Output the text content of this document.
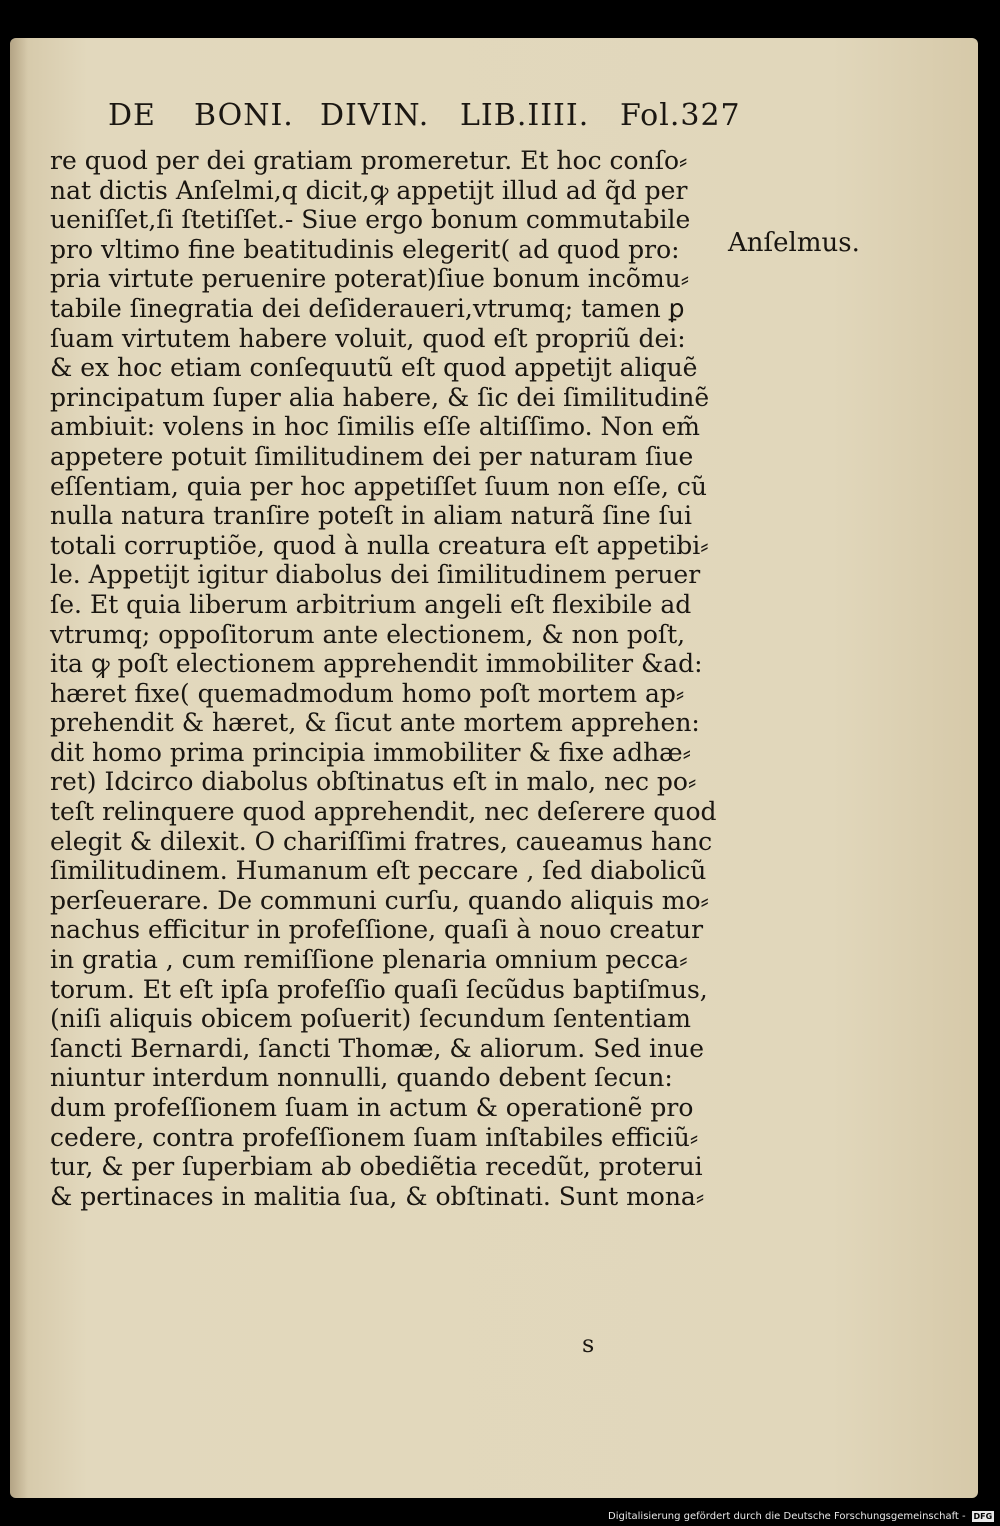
DE BONI. DIVIN. LIB.IIII. Fol.327
Anſelmus.
re quod per dei gratiam promeretur. Et hoc conſo⸗
nat dictis Anſelmi,q dicit,ꝙ appetijt illud ad q̃d per
ueniſſet,ſi ſtetiſſet.- Siue ergo bonum commutabile
pro vltimo fine beatitudinis elegerit( ad quod pro:
pria virtute peruenire poterat)ſiue bonum incõmu⸗
tabile ſinegratia dei deſideraueri,vtrumq; tamen ꝑ
ſuam virtutem habere voluit, quod eſt propriũ dei:
& ex hoc etiam conſequutũ eſt quod appetijt aliquẽ
principatum ſuper alia habere, & ſic dei ſimilitudinẽ
ambiuit: volens in hoc ſimilis eſſe altiſſimo. Non em̃
appetere potuit ſimilitudinem dei per naturam ſiue
eſſentiam, quia per hoc appetiſſet ſuum non eſſe, cũ
nulla natura tranſire poteſt in aliam naturã ſine ſui
totali corruptiõe, quod à nulla creatura eſt appetibi⸗
le. Appetijt igitur diabolus dei ſimilitudinem peruer
ſe. Et quia liberum arbitrium angeli eſt flexibile ad
vtrumq; oppoſitorum ante electionem, & non poſt,
ita ꝙ poſt electionem apprehendit immobiliter &ad:
hæret fixe( quemadmodum homo poſt mortem ap⸗
prehendit & hæret, & ſicut ante mortem apprehen:
dit homo prima principia immobiliter & fixe adhæ⸗
ret) Idcirco diabolus obſtinatus eſt in malo, nec po⸗
teſt relinquere quod apprehendit, nec deſerere quod
elegit & dilexit. O chariſſimi fratres, caueamus hanc
ſimilitudinem. Humanum eſt peccare , ſed diabolicũ
perſeuerare. De communi curſu, quando aliquis mo⸗
nachus efficitur in profeſſione, quaſi à nouo creatur
in gratia , cum remiſſione plenaria omnium pecca⸗
torum. Et eſt ipſa profeſſio quaſi ſecũdus baptiſmus,
(niſi aliquis obicem poſuerit) ſecundum ſententiam
ſancti Bernardi, ſancti Thomæ, & aliorum. Sed inue
niuntur interdum nonnulli, quando debent ſecun:
dum profeſſionem ſuam in actum & operationẽ pro
cedere, contra profeſſionem ſuam inſtabiles efficiũ⸗
tur, & per ſuperbiam ab obediẽtia recedũt, proterui
& pertinaces in malitia ſua, & obſtinati. Sunt mona⸗
s
Digitalisierung gefördert durch die Deutsche Forschungsgemeinschaft - DFG
